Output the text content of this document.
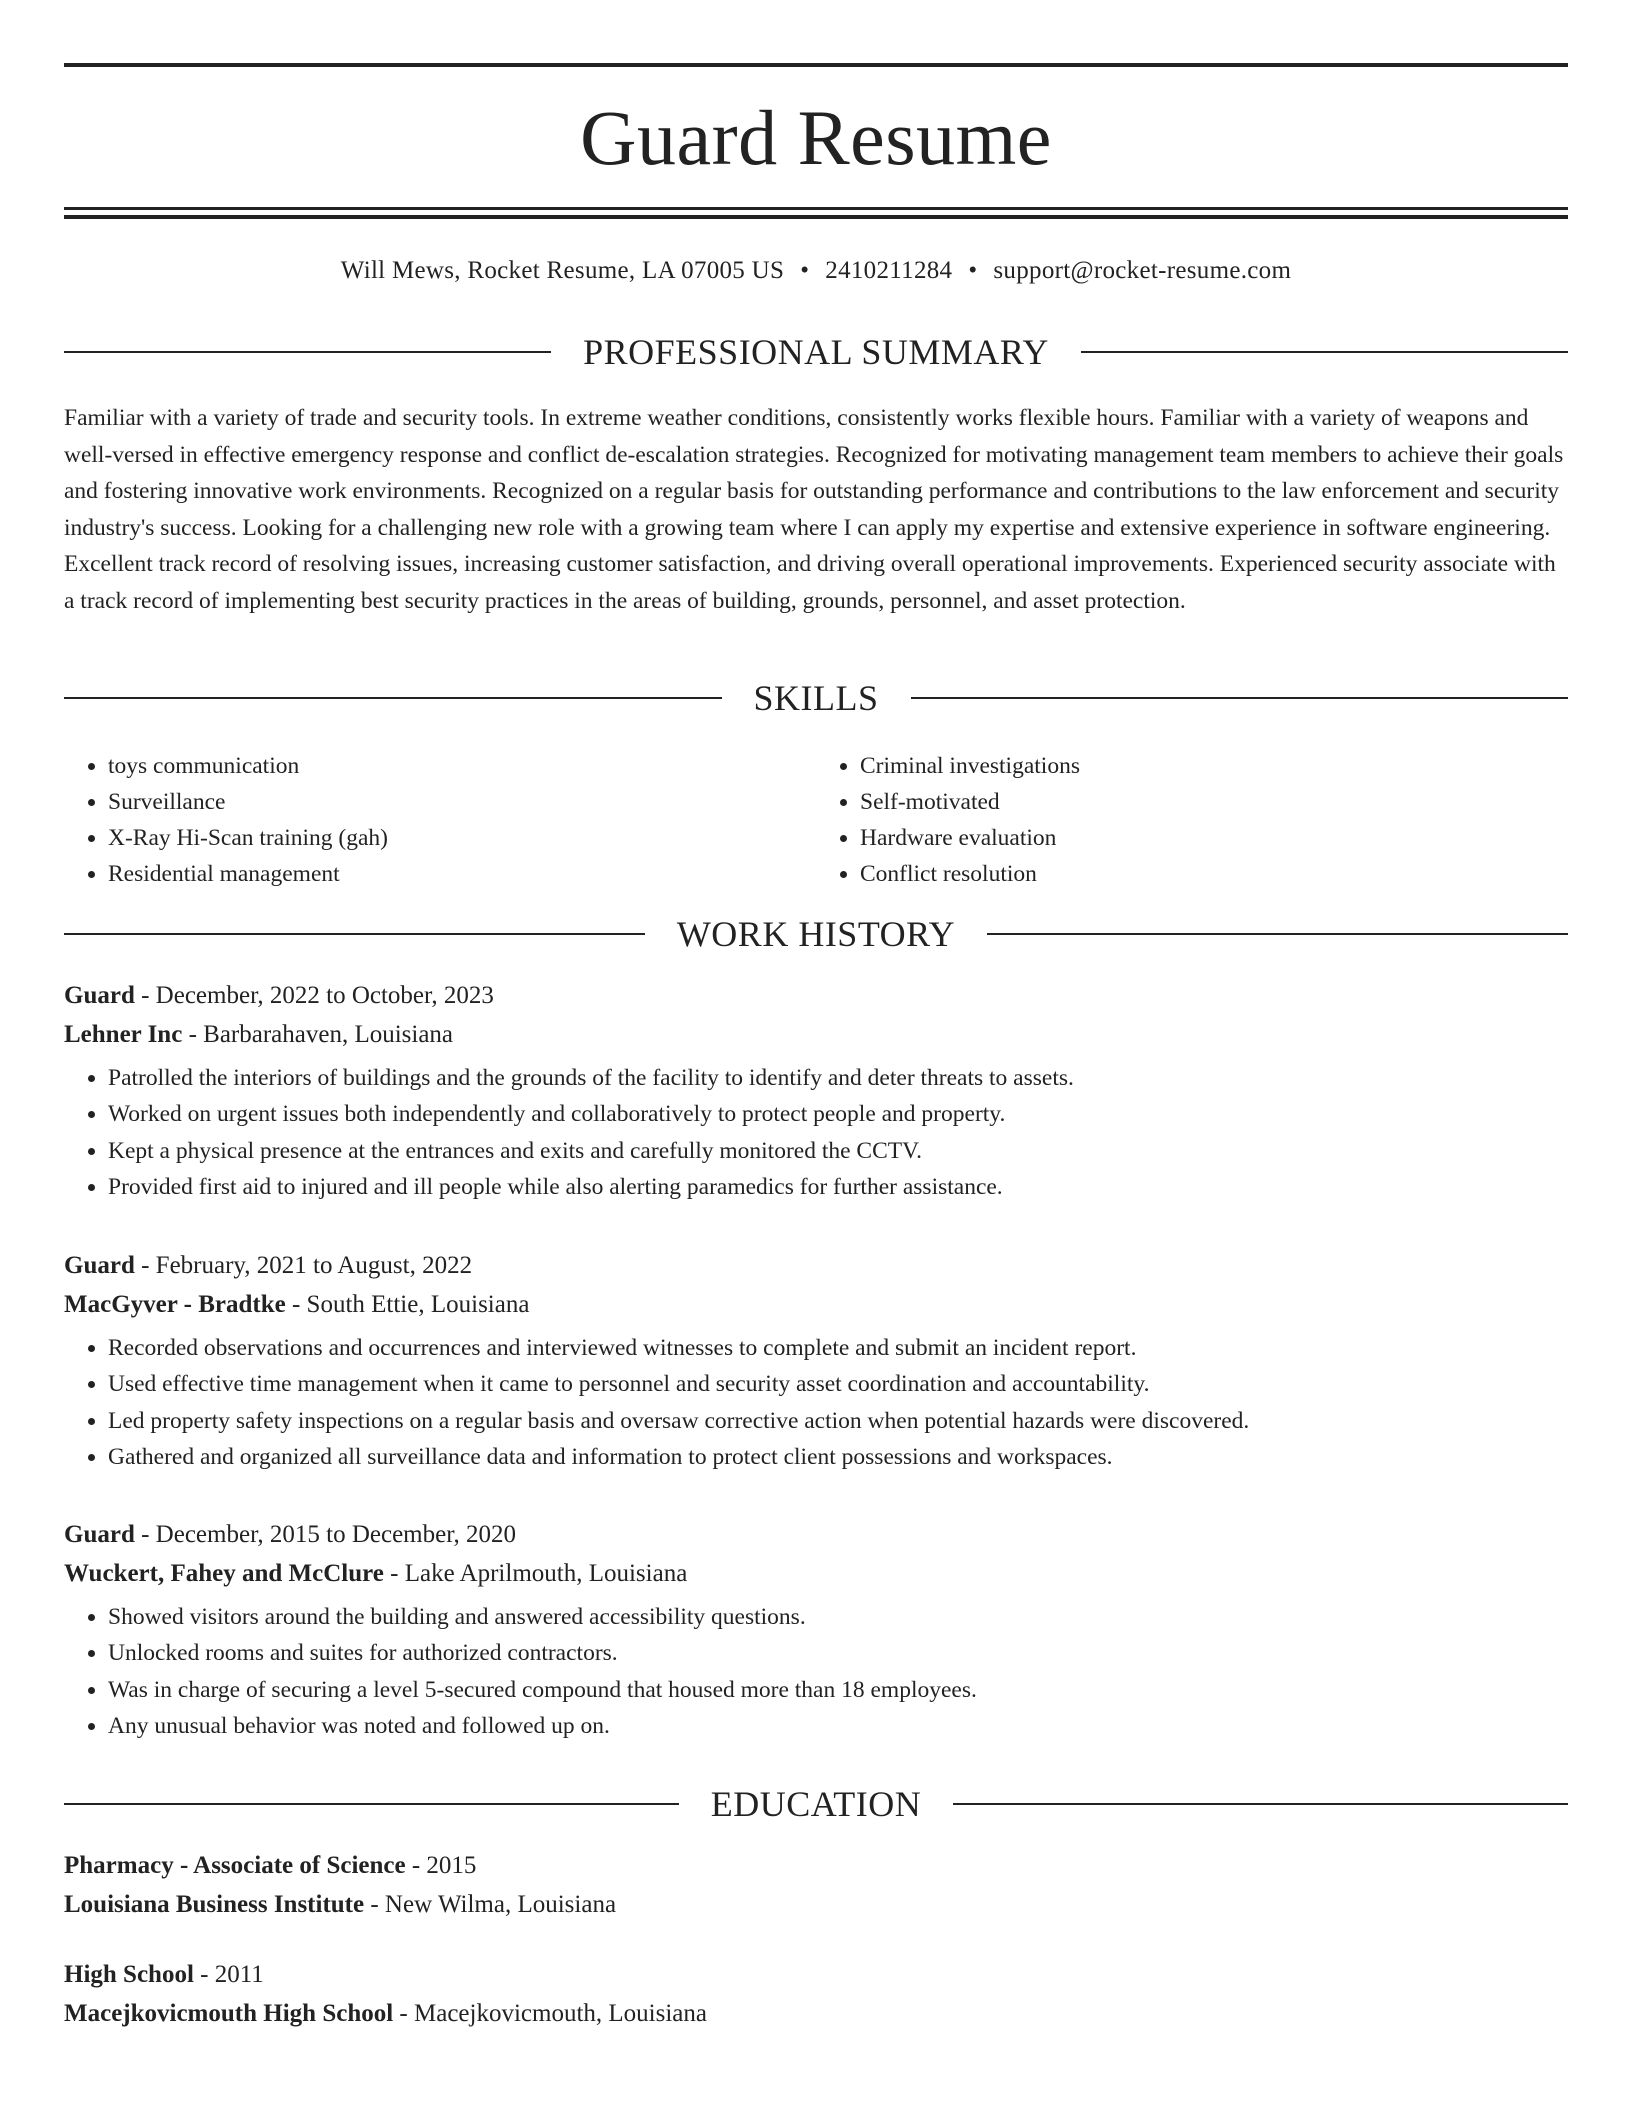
Guard Resume
Will Mews, Rocket Resume, LA 07005 US • 2410211284 • support@rocket-resume.com
PROFESSIONAL SUMMARY

Familiar with a variety of trade and security tools. In extreme weather conditions, consistently works flexible hours. Familiar with a variety of weapons and well-versed in effective emergency response and conflict de-escalation strategies. Recognized for motivating management team members to achieve their goals and fostering innovative work environments. Recognized on a regular basis for outstanding performance and contributions to the law enforcement and security industry's success. Looking for a challenging new role with a growing team where I can apply my expertise and extensive experience in software engineering. Excellent track record of resolving issues, increasing customer satisfaction, and driving overall operational improvements. Experienced security associate with a track record of implementing best security practices in the areas of building, grounds, personnel, and asset protection.

SKILLS
• toys communication
• Surveillance
• X-Ray Hi-Scan training (gah)
• Residential management
• Criminal investigations
• Self-motivated
• Hardware evaluation
• Conflict resolution
WORK HISTORY
Guard - December, 2022 to October, 2023
Lehner Inc - Barbarahaven, Louisiana
• Patrolled the interiors of buildings and the grounds of the facility to identify and deter threats to assets.
• Worked on urgent issues both independently and collaboratively to protect people and property.
• Kept a physical presence at the entrances and exits and carefully monitored the CCTV.
• Provided first aid to injured and ill people while also alerting paramedics for further assistance.
Guard - February, 2021 to August, 2022
MacGyver - Bradtke - South Ettie, Louisiana
• Recorded observations and occurrences and interviewed witnesses to complete and submit an incident report.
• Used effective time management when it came to personnel and security asset coordination and accountability.
• Led property safety inspections on a regular basis and oversaw corrective action when potential hazards were discovered.
• Gathered and organized all surveillance data and information to protect client possessions and workspaces.
Guard - December, 2015 to December, 2020
Wuckert, Fahey and McClure - Lake Aprilmouth, Louisiana
• Showed visitors around the building and answered accessibility questions.
• Unlocked rooms and suites for authorized contractors.
• Was in charge of securing a level 5-secured compound that housed more than 18 employees.
• Any unusual behavior was noted and followed up on.
EDUCATION
Pharmacy - Associate of Science - 2015
Louisiana Business Institute - New Wilma, Louisiana
High School - 2011
Macejkovicmouth High School - Macejkovicmouth, Louisiana
